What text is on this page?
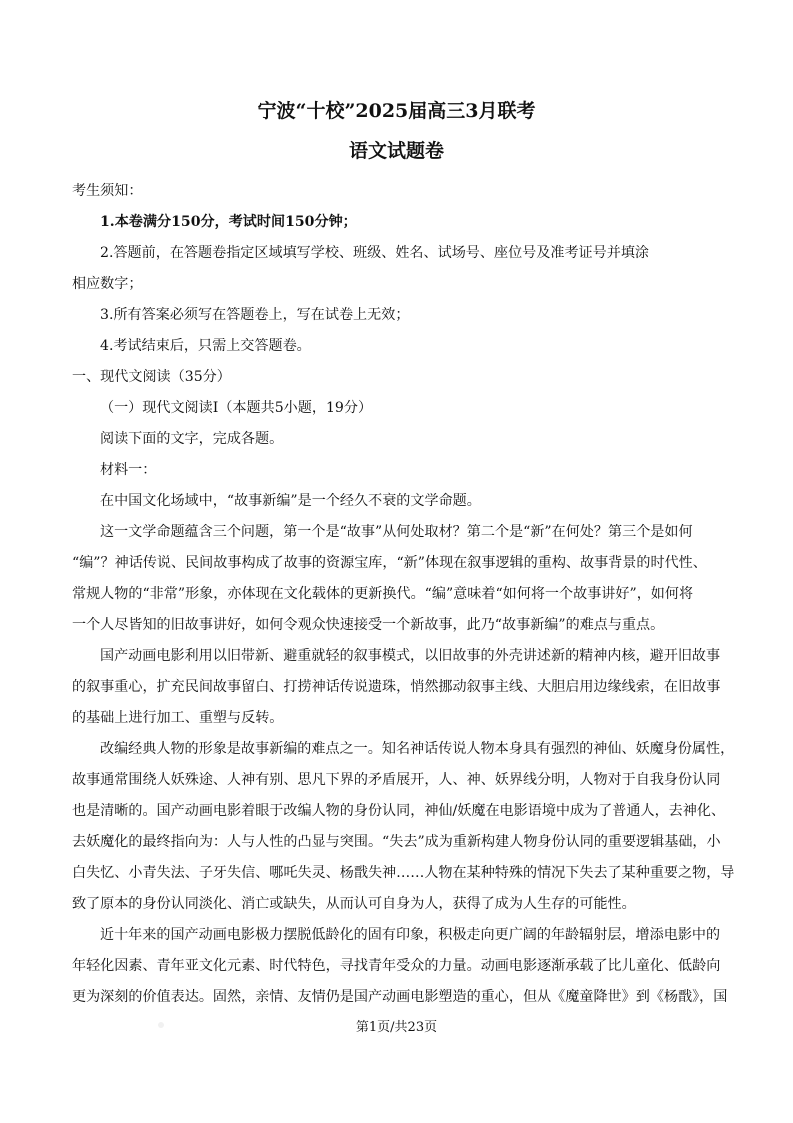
宁波“十校”2025届高三3月联考
语文试题卷

考生须知：

1.本卷满分150分，考试时间150分钟；

2.答题前，在答题卷指定区域填写学校、班级、姓名、试场号、座位号及准考证号并填涂

相应数字；

3.所有答案必须写在答题卷上，写在试卷上无效；

4.考试结束后，只需上交答题卷。

一、现代文阅读（35分）

（一）现代文阅读Ⅰ（本题共5小题，19分）

阅读下面的文字，完成各题。

材料一：

在中国文化场域中，“故事新编”是一个经久不衰的文学命题。

这一文学命题蕴含三个问题，第一个是“故事”从何处取材？第二个是“新”在何处？第三个是如何

“编”？神话传说、民间故事构成了故事的资源宝库，“新”体现在叙事逻辑的重构、故事背景的时代性、

常规人物的“非常”形象，亦体现在文化载体的更新换代。“编”意味着“如何将一个故事讲好”，如何将

一个人尽皆知的旧故事讲好，如何令观众快速接受一个新故事，此乃“故事新编”的难点与重点。

国产动画电影利用以旧带新、避重就轻的叙事模式，以旧故事的外壳讲述新的精神内核，避开旧故事

的叙事重心，扩充民间故事留白、打捞神话传说遗珠，悄然挪动叙事主线、大胆启用边缘线索，在旧故事

的基础上进行加工、重塑与反转。

改编经典人物的形象是故事新编的难点之一。知名神话传说人物本身具有强烈的神仙、妖魔身份属性，

故事通常围绕人妖殊途、人神有别、思凡下界的矛盾展开，人、神、妖界线分明，人物对于自我身份认同

也是清晰的。国产动画电影着眼于改编人物的身份认同，神仙/妖魔在电影语境中成为了普通人，去神化、

去妖魔化的最终指向为：人与人性的凸显与突围。“失去”成为重新构建人物身份认同的重要逻辑基础，小

白失忆、小青失法、子牙失信、哪吒失灵、杨戬失神……人物在某种特殊的情况下失去了某种重要之物，导

致了原本的身份认同淡化、消亡或缺失，从而认可自身为人，获得了成为人生存的可能性。

近十年来的国产动画电影极力摆脱低龄化的固有印象，积极走向更广阔的年龄辐射层，增添电影中的

年轻化因素、青年亚文化元素、时代特色，寻找青年受众的力量。动画电影逐渐承载了比儿童化、低龄向

更为深刻的价值表达。固然，亲情、友情仍是国产动画电影塑造的重心，但从《魔童降世》到《杨戬》，国

第1页/共23页
